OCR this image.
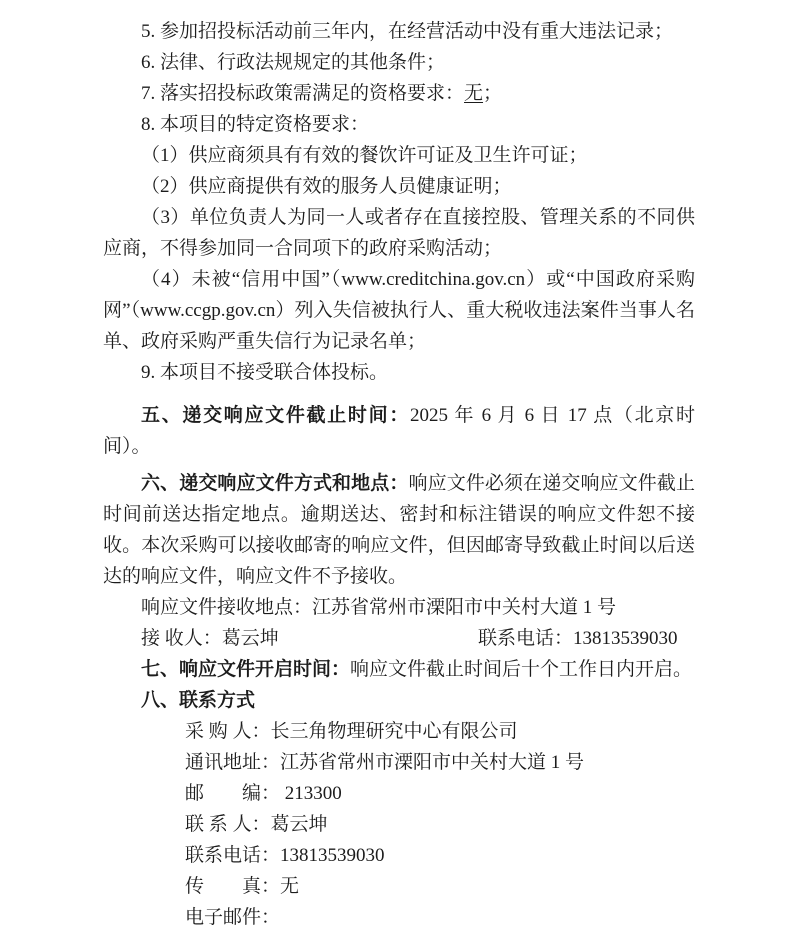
5. 参加招投标活动前三年内，在经营活动中没有重大违法记录；

6. 法律、行政法规规定的其他条件；

7. 落实招投标政策需满足的资格要求：无；

8. 本项目的特定资格要求：

（1）供应商须具有有效的餐饮许可证及卫生许可证；

（2）供应商提供有效的服务人员健康证明；

（3）单位负责人为同一人或者存在直接控股、管理关系的不同供应商，不得参加同一合同项下的政府采购活动；

（4）未被“信用中国”（www.creditchina.gov.cn）或“中国政府采购网”（www.ccgp.gov.cn）列入失信被执行人、重大税收违法案件当事人名单、政府采购严重失信行为记录名单；

9. 本项目不接受联合体投标。

五、递交响应文件截止时间：2025 年 6 月 6 日 17 点（北京时间）。

六、递交响应文件方式和地点：响应文件必须在递交响应文件截止时间前送达指定地点。逾期送达、密封和标注错误的响应文件恕不接收。本次采购可以接收邮寄的响应文件，但因邮寄导致截止时间以后送达的响应文件，响应文件不予接收。

响应文件接收地点：江苏省常州市溧阳市中关村大道 1 号

接 收人：葛云坤	联系电话：13813539030

七、响应文件开启时间：响应文件截止时间后十个工作日内开启。

八、联系方式

采 购 人：长三角物理研究中心有限公司

通讯地址：江苏省常州市溧阳市中关村大道 1 号

邮　　编： 213300

联 系 人：葛云坤

联系电话：13813539030

传　　真：无

电子邮件：
